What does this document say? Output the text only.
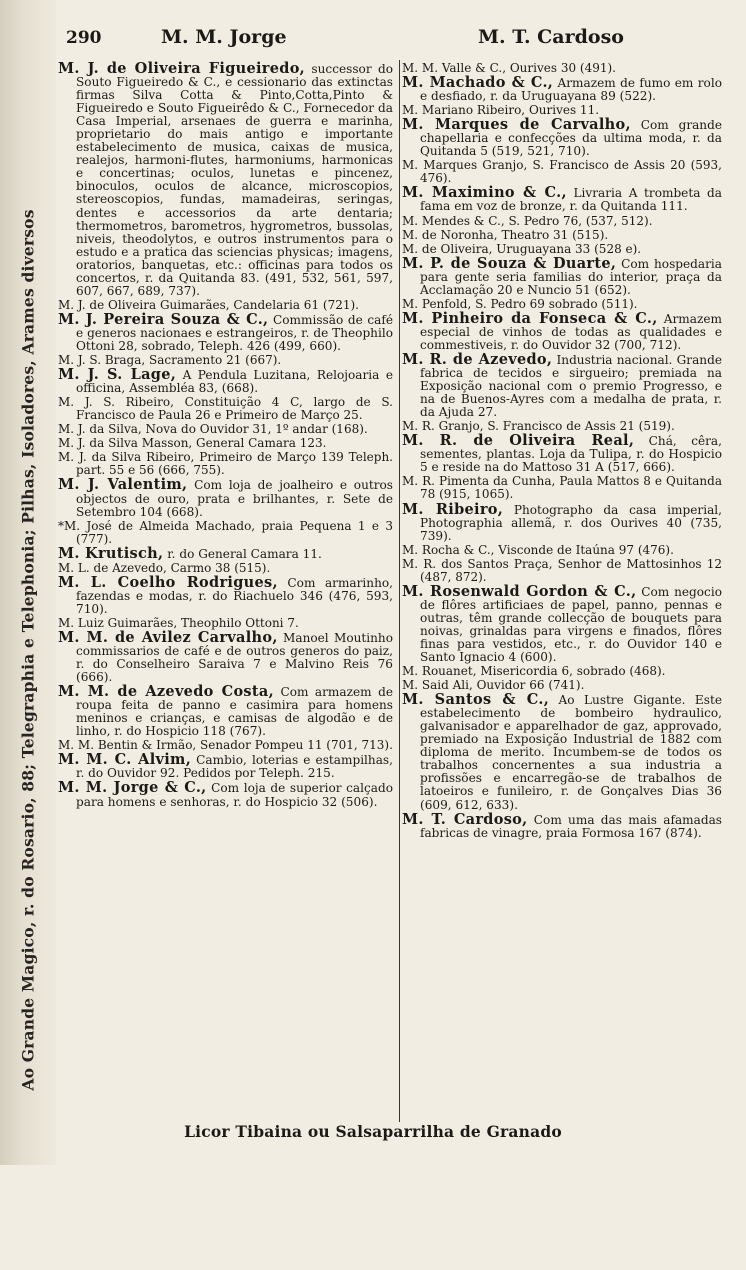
Ao Grande Magico, r. do Rosario, 88; Telegraphia e Telephonia; Pilhas, Isoladores, Arames diversos
290	M. M. Jorge	M. T. Cardoso
M. J. de Oliveira Figueiredo, successor do Souto Figueiredo & C., e cessionario das extinctas firmas Silva Cotta & Pinto,Cotta,Pinto & Figueiredo e Souto Figueirêdo & C., Fornecedor da Casa Imperial, arsenaes de guerra e marinha, proprietario do mais antigo e importante estabelecimento de musica, caixas de musica, realejos, harmoni-flutes, harmoniums, harmonicas e concertinas; oculos, lunetas e pincenez, binoculos, oculos de alcance, microscopios, stereoscopios, fundas, mamadeiras, seringas, dentes e accessorios da arte dentaria; thermometros, barometros, hygrometros, bussolas, niveis, theodolytos, e outros instrumentos para o estudo e a pratica das sciencias physicas; imagens, oratorios, banquetas, etc.: officinas para todos os concertos, r. da Quitanda 83. (491, 532, 561, 597, 607, 667, 689, 737).
M. J. de Oliveira Guimarães, Candelaria 61 (721).
M. J. Pereira Souza & C., Commissão de café e generos nacionaes e estrangeiros, r. de Theophilo Ottoni 28, sobrado, Teleph. 426 (499, 660).
M. J. S. Braga, Sacramento 21 (667).
M. J. S. Lage, A Pendula Luzitana, Relojoaria e officina, Assembléa 83, (668).
M. J. S. Ribeiro, Constituição 4 C, largo de S. Francisco de Paula 26 e Primeiro de Março 25.
M. J. da Silva, Nova do Ouvidor 31, 1º andar (168).
M. J. da Silva Masson, General Camara 123.
M. J. da Silva Ribeiro, Primeiro de Março 139 Teleph. part. 55 e 56 (666, 755).
M. J. Valentim, Com loja de joalheiro e outros objectos de ouro, prata e brilhantes, r. Sete de Setembro 104 (668).
*M. José de Almeida Machado, praia Pequena 1 e 3 (777).
M. Krutisch, r. do General Camara 11.
M. L. de Azevedo, Carmo 38 (515).
M. L. Coelho Rodrigues, Com armarinho, fazendas e modas, r. do Riachuelo 346 (476, 593, 710).
M. Luiz Guimarães, Theophilo Ottoni 7.
M. M. de Avilez Carvalho, Manoel Moutinho commissarios de café e de outros generos do paiz, r. do Conselheiro Saraiva 7 e Malvino Reis 76 (666).
M. M. de Azevedo Costa, Com armazem de roupa feita de panno e casimira para homens meninos e crianças, e camisas de algodão e de linho, r. do Hospicio 118 (767).
M. M. Bentin & Irmão, Senador Pompeu 11 (701, 713).
M. M. C. Alvim, Cambio, loterias e estampilhas, r. do Ouvidor 92. Pedidos por Teleph. 215.
M. M. Jorge & C., Com loja de superior calçado para homens e senhoras, r. do Hospicio 32 (506).
M. M. Valle & C., Ourives 30 (491).
M. Machado & C., Armazem de fumo em rolo e desfiado, r. da Uruguayana 89 (522).
M. Mariano Ribeiro, Ourives 11.
M. Marques de Carvalho, Com grande chapellaria e confecções da ultima moda, r. da Quitanda 5 (519, 521, 710).
M. Marques Granjo, S. Francisco de Assis 20 (593, 476).
M. Maximino & C., Livraria A trombeta da fama em voz de bronze, r. da Quitanda 111.
M. Mendes & C., S. Pedro 76, (537, 512).
M. de Noronha, Theatro 31 (515).
M. de Oliveira, Uruguayana 33 (528 e).
M. P. de Souza & Duarte, Com hospedaria para gente seria familias do interior, praça da Acclamação 20 e Nuncio 51 (652).
M. Penfold, S. Pedro 69 sobrado (511).
M. Pinheiro da Fonseca & C., Armazem especial de vinhos de todas as qualidades e commestiveis, r. do Ouvidor 32 (700, 712).
M. R. de Azevedo, Industria nacional. Grande fabrica de tecidos e sirgueiro; premiada na Exposição nacional com o premio Progresso, e na de Buenos-Ayres com a medalha de prata, r. da Ajuda 27.
M. R. Granjo, S. Francisco de Assis 21 (519).
M. R. de Oliveira Real, Chá, cêra, sementes, plantas. Loja da Tulipa, r. do Hospicio 5 e reside na do Mattoso 31 A (517, 666).
M. R. Pimenta da Cunha, Paula Mattos 8 e Quitanda 78 (915, 1065).
M. Ribeiro, Photographo da casa imperial, Photographia allemã, r. dos Ourives 40 (735, 739).
M. Rocha & C., Visconde de Itaúna 97 (476).
M. R. dos Santos Praça, Senhor de Mattosinhos 12 (487, 872).
M. Rosenwald Gordon & C., Com negocio de flôres artificiaes de papel, panno, pennas e outras, têm grande collecção de bouquets para noivas, grinaldas para virgens e finados, flôres finas para vestidos, etc., r. do Ouvidor 140 e Santo Ignacio 4 (600).
M. Rouanet, Misericordia 6, sobrado (468).
M. Said Ali, Ouvidor 66 (741).
M. Santos & C., Ao Lustre Gigante. Este estabelecimento de bombeiro hydraulico, galvanisador e apparelhador de gaz, approvado, premiado na Exposição Industrial de 1882 com diploma de merito. Incumbem-se de todos os trabalhos concernentes a sua industria a profissões e encarregão-se de trabalhos de latoeiros e funileiro, r. de Gonçalves Dias 36 (609, 612, 633).
M. T. Cardoso, Com uma das mais afamadas fabricas de vinagre, praia Formosa 167 (874).
Licor Tibaina ou Salsaparrilha de Granado
